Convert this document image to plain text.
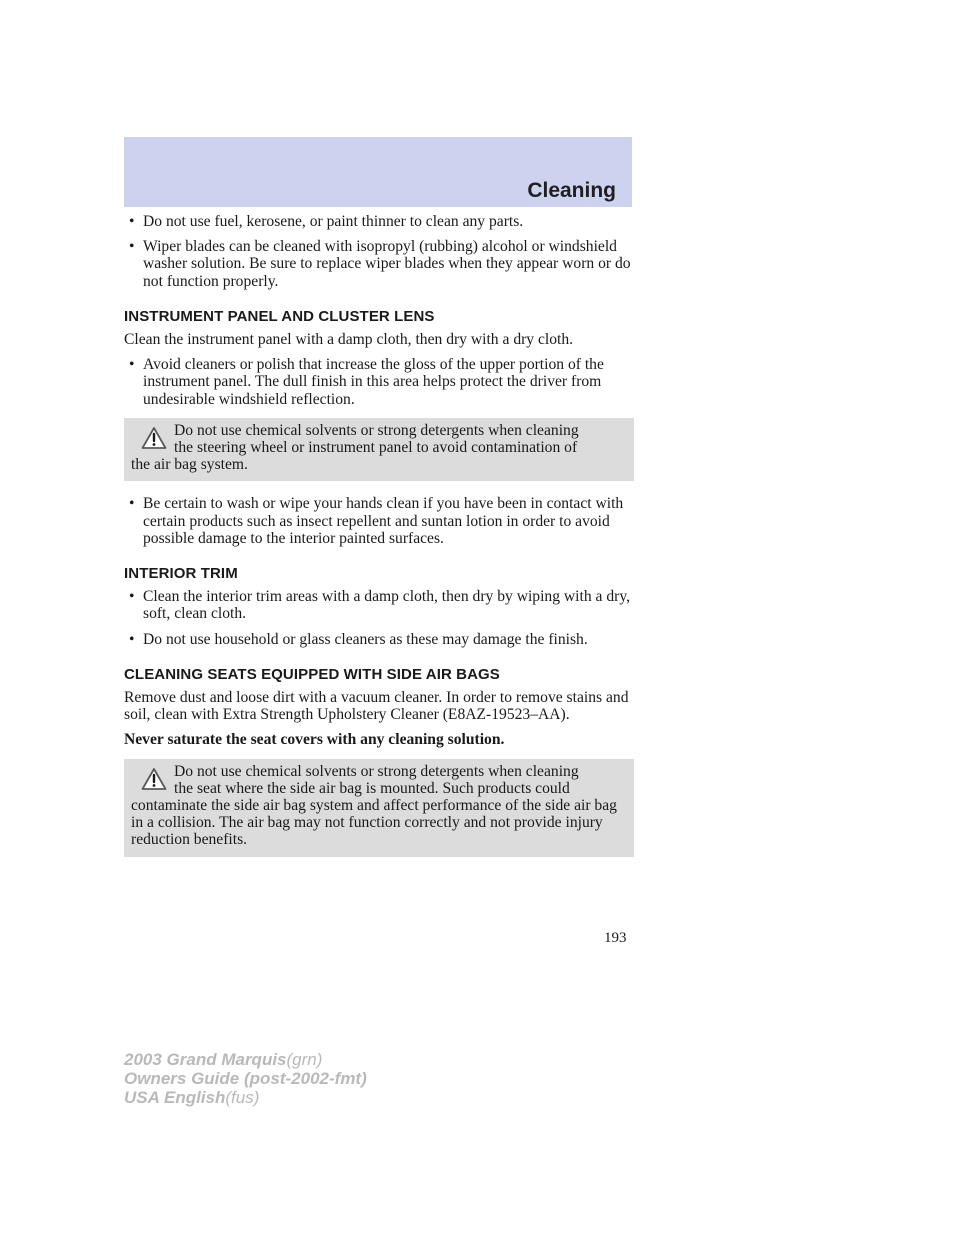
Cleaning
• Do not use fuel, kerosene, or paint thinner to clean any parts.
• Wiper blades can be cleaned with isopropyl (rubbing) alcohol or windshield washer solution. Be sure to replace wiper blades when they appear worn or do not function properly.
INSTRUMENT PANEL AND CLUSTER LENS

Clean the instrument panel with a damp cloth, then dry with a dry cloth.

• Avoid cleaners or polish that increase the gloss of the upper portion of the instrument panel. The dull finish in this area helps protect the driver from undesirable windshield reflection.
Do not use chemical solvents or strong detergents when cleaning
the steering wheel or instrument panel to avoid contamination of
the air bag system.
• Be certain to wash or wipe your hands clean if you have been in contact with certain products such as insect repellent and suntan lotion in order to avoid possible damage to the interior painted surfaces.
INTERIOR TRIM
• Clean the interior trim areas with a damp cloth, then dry by wiping with a dry, soft, clean cloth.
• Do not use household or glass cleaners as these may damage the finish.
CLEANING SEATS EQUIPPED WITH SIDE AIR BAGS

Remove dust and loose dirt with a vacuum cleaner. In order to remove stains and soil, clean with Extra Strength Upholstery Cleaner (E8AZ-19523–AA).

Never saturate the seat covers with any cleaning solution.

Do not use chemical solvents or strong detergents when cleaning
the seat where the side air bag is mounted. Such products could
contaminate the side air bag system and affect performance of the side air bag in a collision. The air bag may not function correctly and not provide injury reduction benefits.
193
2003 Grand Marquis(grn)
Owners Guide (post-2002-fmt)
USA English(fus)
